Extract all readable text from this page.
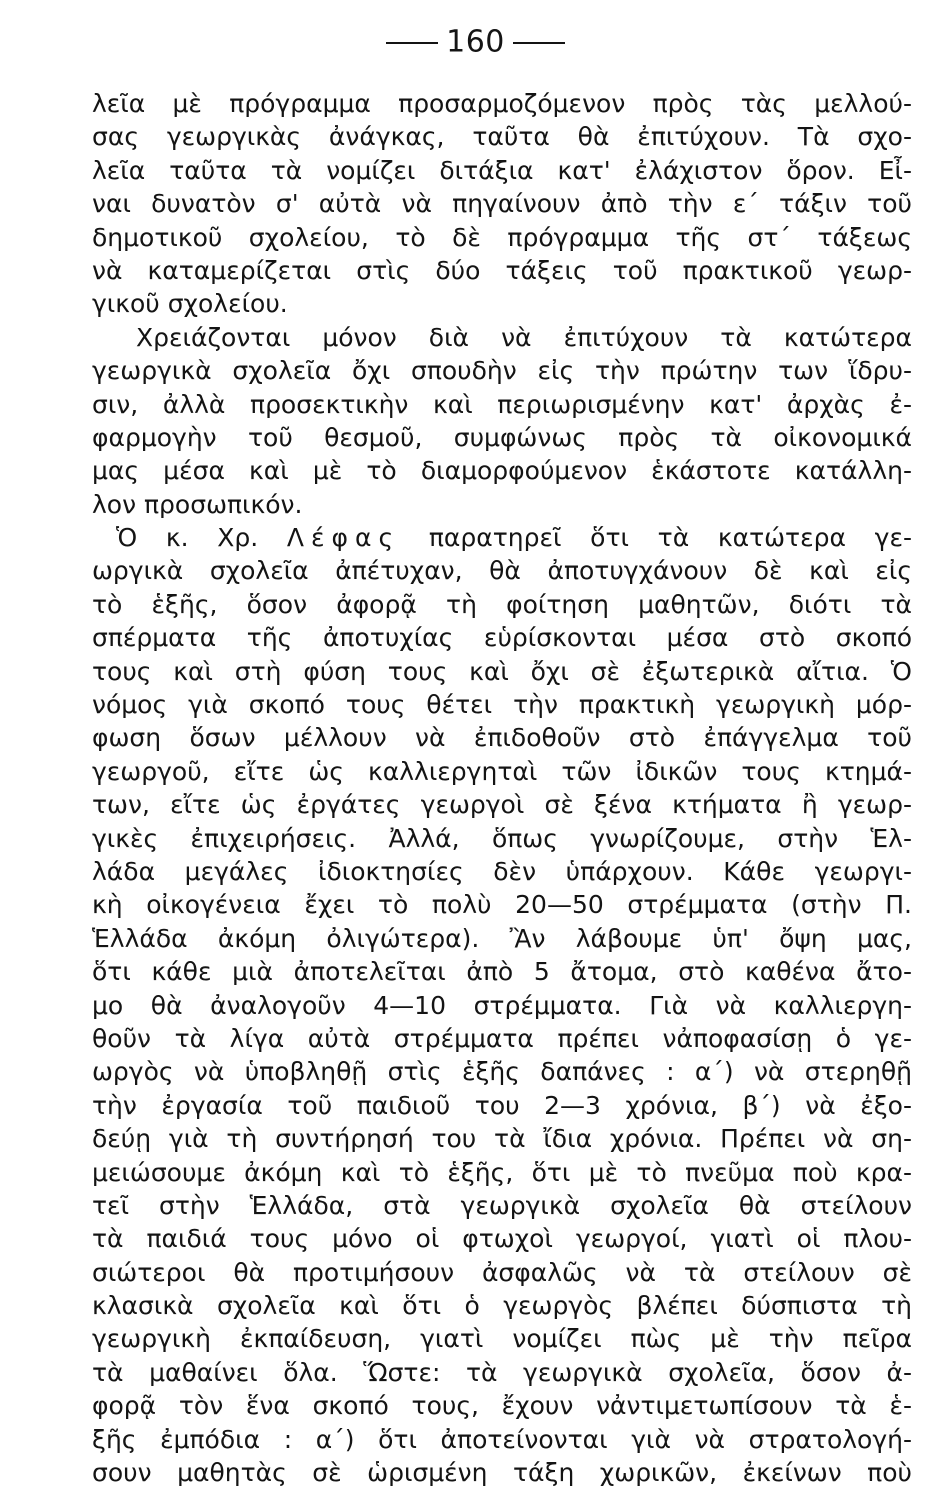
160
λεῖα μὲ πρόγραμμα προσαρμοζόμενον πρὸς τὰς μελλού-
σας γεωργικὰς ἀνάγκας, ταῦτα θὰ ἐπιτύχουν. Τὰ σχο-
λεῖα ταῦτα τὰ νομίζει διτάξια κατ' ἐλάχιστον ὅρον. Εἶ-
ναι δυνατὸν σ' αὐτὰ νὰ πηγαίνουν ἀπὸ τὴν ε΄ τάξιν τοῦ
δημοτικοῦ σχολείου, τὸ δὲ πρόγραμμα τῆς στ΄ τάξεως
νὰ καταμερίζεται στὶς δύο τάξεις τοῦ πρακτικοῦ γεωρ-
γικοῦ σχολείου.
Χρειάζονται μόνον διὰ νὰ ἐπιτύχουν τὰ κατώτερα
γεωργικὰ σχολεῖα ὄχι σπουδὴν εἰς τὴν πρώτην των ἵδρυ-
σιν, ἀλλὰ προσεκτικὴν καὶ περιωρισμένην κατ' ἀρχὰς ἐ-
φαρμογὴν τοῦ θεσμοῦ, συμφώνως πρὸς τὰ οἰκονομικά
μας μέσα καὶ μὲ τὸ διαμορφούμενον ἑκάστοτε κατάλλη-
λον προσωπικόν.
Ὁ κ. Χρ. Λέφας παρατηρεῖ ὅτι τὰ κατώτερα γε-
ωργικὰ σχολεῖα ἀπέτυχαν, θὰ ἀποτυγχάνουν δὲ καὶ εἰς
τὸ ἑξῆς, ὅσον ἀφορᾷ τὴ φοίτηση μαθητῶν, διότι τὰ
σπέρματα τῆς ἀποτυχίας εὑρίσκονται μέσα στὸ σκοπό
τους καὶ στὴ φύση τους καὶ ὄχι σὲ ἐξωτερικὰ αἴτια. Ὁ
νόμος γιὰ σκοπό τους θέτει τὴν πρακτικὴ γεωργικὴ μόρ-
φωση ὅσων μέλλουν νὰ ἐπιδοθοῦν στὸ ἐπάγγελμα τοῦ
γεωργοῦ, εἴτε ὡς καλλιεργηταὶ τῶν ἰδικῶν τους κτημά-
των, εἴτε ὡς ἐργάτες γεωργοὶ σὲ ξένα κτήματα ἢ γεωρ-
γικὲς ἐπιχειρήσεις. Ἀλλά, ὅπως γνωρίζουμε, στὴν Ἑλ-
λάδα μεγάλες ἰδιοκτησίες δὲν ὑπάρχουν. Κάθε γεωργι-
κὴ οἰκογένεια ἔχει τὸ πολὺ 20—50 στρέμματα (στὴν Π.
Ἑλλάδα ἀκόμη ὀλιγώτερα). Ἂν λάβουμε ὑπ' ὄψη μας,
ὅτι κάθε μιὰ ἀποτελεῖται ἀπὸ 5 ἄτομα, στὸ καθένα ἄτο-
μο θὰ ἀναλογοῦν 4—10 στρέμματα. Γιὰ νὰ καλλιεργη-
θοῦν τὰ λίγα αὐτὰ στρέμματα πρέπει νἀποφασίσῃ ὁ γε-
ωργὸς νὰ ὑποβληθῇ στὶς ἑξῆς δαπάνες : α΄) νὰ στερηθῇ
τὴν ἐργασία τοῦ παιδιοῦ του 2—3 χρόνια, β΄) νὰ ἐξο-
δεύῃ γιὰ τὴ συντήρησή του τὰ ἴδια χρόνια. Πρέπει νὰ ση-
μειώσουμε ἀκόμη καὶ τὸ ἑξῆς, ὅτι μὲ τὸ πνεῦμα ποὺ κρα-
τεῖ στὴν Ἑλλάδα, στὰ γεωργικὰ σχολεῖα θὰ στείλουν
τὰ παιδιά τους μόνο οἱ φτωχοὶ γεωργοί, γιατὶ οἱ πλου-
σιώτεροι θὰ προτιμήσουν ἀσφαλῶς νὰ τὰ στείλουν σὲ
κλασικὰ σχολεῖα καὶ ὅτι ὁ γεωργὸς βλέπει δύσπιστα τὴ
γεωργικὴ ἐκπαίδευση, γιατὶ νομίζει πὼς μὲ τὴν πεῖρα
τὰ μαθαίνει ὅλα. Ὥστε: τὰ γεωργικὰ σχολεῖα, ὅσον ἀ-
φορᾷ τὸν ἕνα σκοπό τους, ἔχουν νἀντιμετωπίσουν τὰ ἑ-
ξῆς ἐμπόδια : α΄) ὅτι ἀποτείνονται γιὰ νὰ στρατολογή-
σουν μαθητὰς σὲ ὡρισμένη τάξη χωρικῶν, ἐκείνων ποὺ
